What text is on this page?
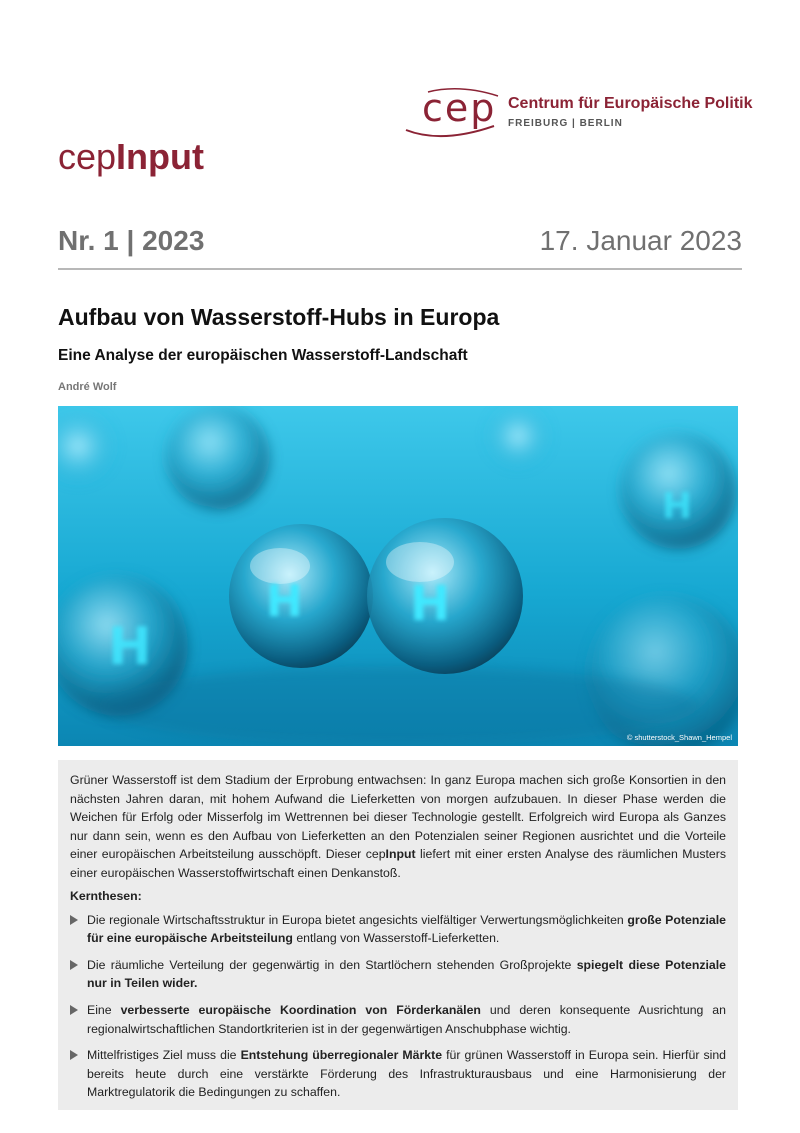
cep Centrum für Europäische Politik
FREIBURG | BERLIN
cepInput
Nr. 1 | 2023	17. Januar 2023
Aufbau von Wasserstoff-Hubs in Europa
Eine Analyse der europäischen Wasserstoff-Landschaft
André Wolf
H H
H
H
© shutterstock_Shawn_Hempel

Grüner Wasserstoff ist dem Stadium der Erprobung entwachsen: In ganz Europa machen sich große Konsortien in den nächsten Jahren daran, mit hohem Aufwand die Lieferketten von morgen aufzubauen. In dieser Phase werden die Weichen für Erfolg oder Misserfolg im Wettrennen bei dieser Technologie gestellt. Erfolgreich wird Europa als Ganzes nur dann sein, wenn es den Aufbau von Lieferketten an den Potenzialen seiner Regionen ausrichtet und die Vorteile einer europäischen Arbeitsteilung ausschöpft. Dieser cepInput liefert mit einer ersten Analyse des räumlichen Musters einer europäischen Wasserstoffwirtschaft einen Denkanstoß.

Kernthesen:
Die regionale Wirtschaftsstruktur in Europa bietet angesichts vielfältiger Verwertungsmöglichkeiten große Potenziale für eine europäische Arbeitsteilung entlang von Wasserstoff-Lieferketten.
Die räumliche Verteilung der gegenwärtig in den Startlöchern stehenden Großprojekte spiegelt diese Potenziale nur in Teilen wider.
Eine verbesserte europäische Koordination von Förderkanälen und deren konsequente Ausrichtung an regionalwirtschaftlichen Standortkriterien ist in der gegenwärtigen Anschubphase wichtig.
Mittelfristiges Ziel muss die Entstehung überregionaler Märkte für grünen Wasserstoff in Europa sein. Hierfür sind bereits heute durch eine verstärkte Förderung des Infrastrukturausbaus und eine Harmonisierung der Marktregulatorik die Bedingungen zu schaffen.
